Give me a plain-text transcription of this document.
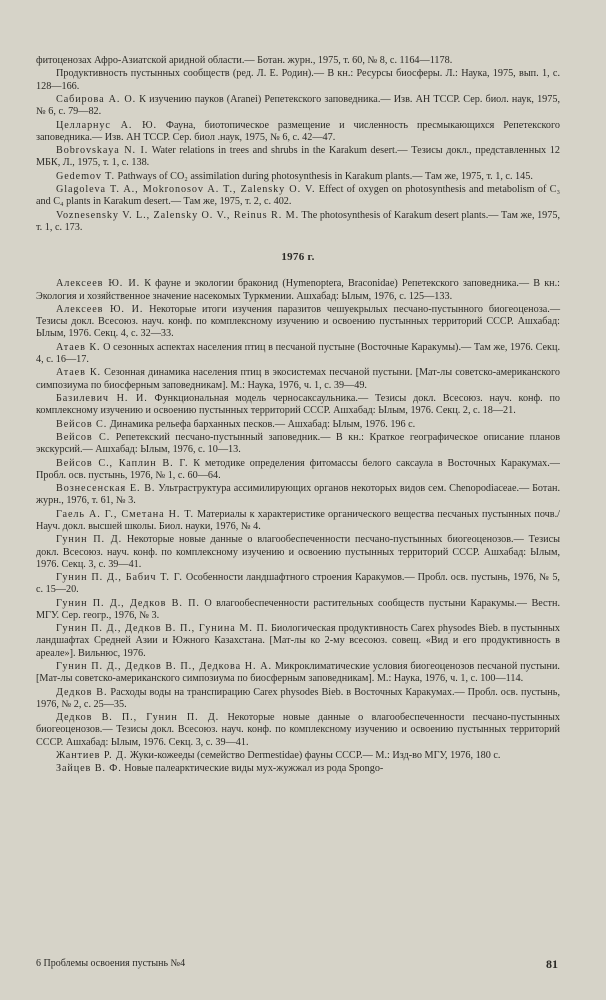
фитоценозах Афро-Азиатской аридной области.— Ботан. журн., 1975, т. 60, № 8, с. 1164—1178.
Продуктивность пустынных сообществ (ред. Л. Е. Родин).— В кн.: Ресурсы биосферы. Л.: Наука, 1975, вып. 1, с. 128—166.
Сабирова А. О. К изучению пауков (Aranei) Репетекского заповедника.— Изв. АН ТССР. Сер. биол. наук, 1975, № 6, с. 79—82.
Целларнус А. Ю. Фауна, биотопическое размещение и численность пресмыкающихся Репетекского заповедника.— Изв. АН ТССР. Сер. биол .наук, 1975, № 6, с. 42—47.
Bobrovskaya N. I. Water relations in trees and shrubs in the Karakum desert.— Тезисы докл., представленных 12 МБК, Л., 1975, т. 1, с. 138.
Gedemov T. Pathways of CO₂ assimilation during photosynthesis in Karakum plants.— Там же, 1975, т. 1, с. 145.
Glagoleva T. A., Mokronosov A. T., Zalensky O. V. Effect of oxygen on photosynthesis and metabolism of C₃ and C₄ plants in Karakum desert.— Там же, 1975, т. 2, с. 402.
Voznesensky V. L., Zalensky O. V., Reinus R. M. The photosynthesis of Karakum desert plants.— Там же, 1975, т. 1, с. 173.
1976 г.
Алексеев Ю. И. К фауне и экологии браконид (Hymenoptera, Braconidae) Репетекского заповедника.— В кн.: Экология и хозяйственное значение насекомых Туркмении. Ашхабад: Ылым, 1976, с. 125—133.
Алексеев Ю. И. Некоторые итоги изучения паразитов чешуекрылых песчано-пустынного биогеоценоза.— Тезисы докл. Всесоюз. науч. конф. по комплексному изучению и освоению пустынных территорий СССР. Ашхабад: Ылым, 1976. Секц. 4, с. 32—33.
Атаев К. О сезонных аспектах населения птиц в песчаной пустыне (Восточные Каракумы).— Там же, 1976. Секц. 4, с. 16—17.
Атаев К. Сезонная динамика населения птиц в экосистемах песчаной пустыни. [Мат-лы советско-американского симпозиума по биосферным заповедникам]. М.: Наука, 1976, ч. 1, с. 39—49.
Базилевич Н. И. Функциональная модель черносаксаульника.— Тезисы докл. Всесоюз. науч. конф. по комплексному изучению и освоению пустынных территорий СССР. Ашхабад: Ылым, 1976. Секц. 2, с. 18—21.
Вейсов С. Динамика рельефа барханных песков.— Ашхабад: Ылым, 1976. 196 с.
Вейсов С. Репетекский песчано-пустынный заповедник.— В кн.: Краткое географическое описание планов экскурсий.— Ашхабад: Ылым, 1976, с. 10—13.
Вейсов С., Каплин В. Г. К методике определения фитомассы белого саксаула в Восточных Каракумах.— Пробл. осв. пустынь, 1976, № 1, с. 60—64.
Вознесенская Е. В. Ультраструктура ассимилирующих органов некоторых видов сем. Chenopodiaceae.— Ботан. журн., 1976, т. 61, № 3.
Гаель А. Г., Сметана Н. Т. Материалы к характеристике органического вещества песчаных пустынных почв./Науч. докл. высшей школы. Биол. науки, 1976, № 4.
Гунин П. Д. Некоторые новые данные о влагообеспеченности песчано-пустынных биогеоценозов.— Тезисы докл. Всесоюз. науч. конф. по комплексному изучению и освоению пустынных территорий СССР. Ашхабад: Ылым, 1976. Секц. 3, с. 39—41.
Гунин П. Д., Бабич Т. Г. Особенности ландшафтного строения Каракумов.— Пробл. осв. пустынь, 1976, № 5, с. 15—20.
Гунин П. Д., Дедков В. П. О влагообеспеченности растительных сообществ пустыни Каракумы.— Вестн. МГУ. Сер. геогр., 1976, № 3.
Гунин П. Д., Дедков В. П., Гунина М. П. Биологическая продуктивность Carex physodes Bieb. в пустынных ландшафтах Средней Азии и Южного Казахстана. [Мат-лы ко 2-му всесоюз. совещ. «Вид и его продуктивность в ареале»]. Вильнюс, 1976.
Гунин П. Д., Дедков В. П., Дедкова Н. А. Микроклиматические условия биогеоценозов песчаной пустыни. [Мат-лы советско-американского симпозиума по биосферным заповедникам]. М.: Наука, 1976, ч. 1, с. 100—114.
Дедков В. Расходы воды на транспирацию Carex physodes Bieb. в Восточных Каракумах.— Пробл. осв. пустынь, 1976, № 2, с. 25—35.
Дедков В. П., Гунин П. Д. Некоторые новые данные о влагообеспеченности песчано-пустынных биогеоценозов.— Тезисы докл. Всесоюз. науч. конф. по комплексному изучению и освоению пустынных территорий СССР. Ашхабад: Ылым, 1976. Секц. 3, с. 39—41.
Жантиев Р. Д. Жуки-кожееды (семейство Dermestidae) фауны СССР.— М.: Изд-во МГУ, 1976, 180 с.
Зайцев В. Ф. Новые палеарктические виды мух-жужжал из рода Spongo-
6 Проблемы освоения пустынь №4	81
